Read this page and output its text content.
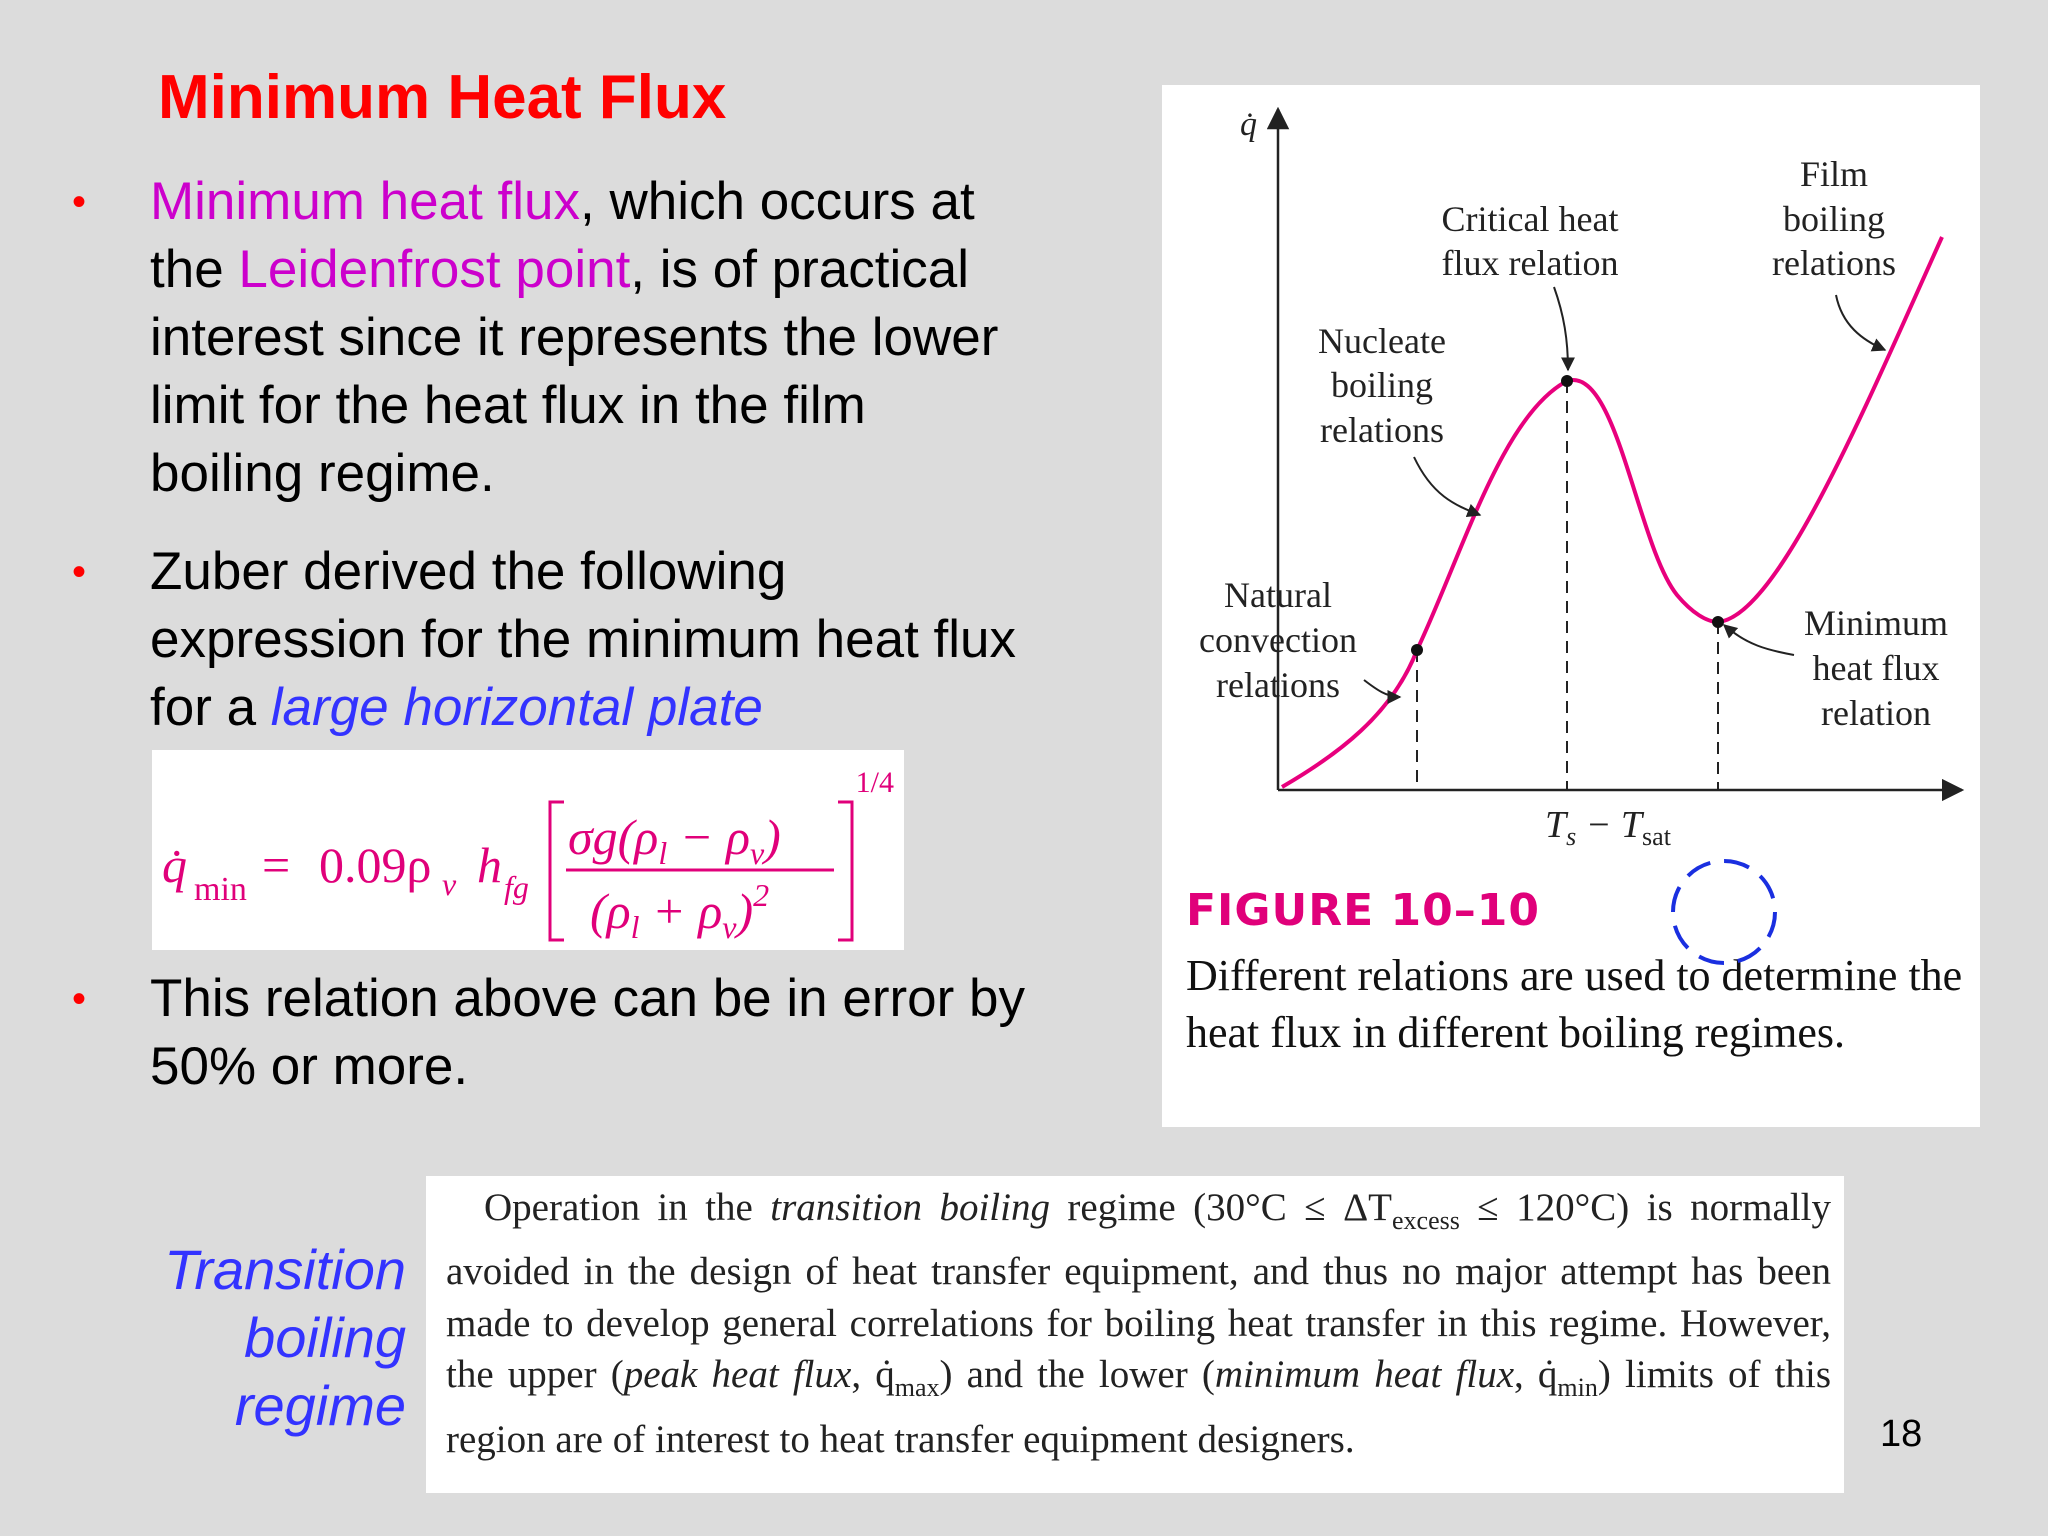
Minimum Heat Flux
• Minimum heat flux, which occurs at the Leidenfrost point, is of practical interest since it represents the lower limit for the heat flux in the film boiling regime.
• Zuber derived the following expression for the minimum heat flux for a large horizontal plate
1/4
q̇ min = 0.09ρ v h fg
$\sigma g(\rho_l - \rho_v)$
$(\rho_l + \rho_v)^2$
• This relation above can be in error by 50% or more.
q̇
$T_s - T_{sat}$
Critical heat
flux relation
Film
boiling
relations
Nucleate
boiling
relations
Natural
convection
relations
Minimum
heat flux
relation
FIGURE 10–10
Different relations are used to determine the heat flux in different boiling regimes.
Transition
boiling
regime
Operation in the transition boiling regime $(30^\circ C \le \Delta T_{excess} \le 120^\circ C)$ is normally avoided in the design of heat transfer equipment, and thus no major attempt has been made to develop general correlations for boiling heat transfer in this regime. However, the upper (peak heat flux, $q̇_{max}$) and the lower (minimum heat flux, $q̇_{min}$) limits of this region are of interest to heat transfer equipment designers.	18
